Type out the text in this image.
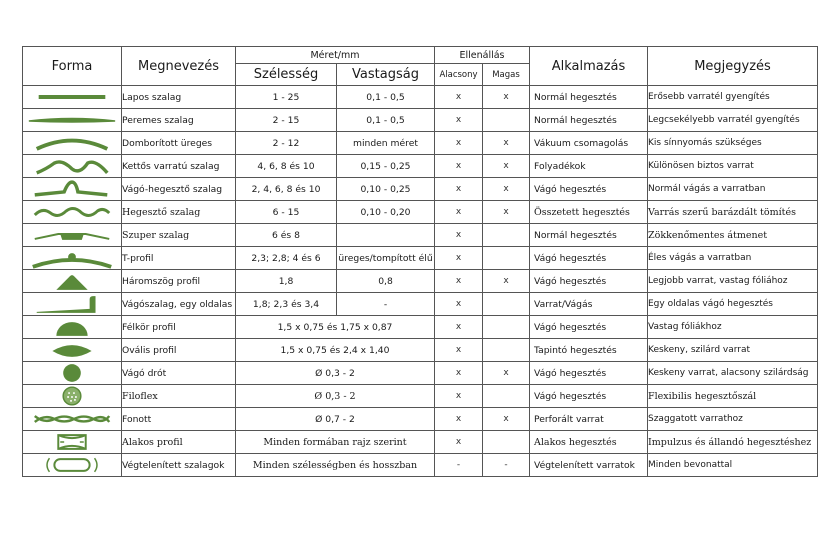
Forma	Megnevezés	Méret/mm		Ellenállás		Alkalmazás	Megjegyzés
		Szélesség	Vastagság	Alacsony	Magas		

	Lapos szalag	1 - 25	0,1 - 0,5	x	x	Normál hegesztés	Erősebb varratél gyengítés

	Peremes szalag	2 - 15	0,1 - 0,5	x		Normál hegesztés	Legcsekélyebb varratél gyengítés

	Domborított üreges	2 - 12	minden méret	x	x	Vákuum csomagolás	Kis sínnyomás szükséges

	Kettős varratú szalag	4, 6, 8 és 10	0,15 - 0,25	x	x	Folyadékok	Különösen biztos varrat

	Vágó-hegesztő szalag	2, 4, 6, 8 és 10	0,10 - 0,25	x	x	Vágó hegesztés	Normál vágás a varratban

	Hegesztő szalag	6 - 15	0,10 - 0,20	x	x	Összetett hegesztés	Varrás szerű barázdált tömítés

	Szuper szalag	6 és 8		x		Normál hegesztés	Zökkenőmentes átmenet

	T-profil	2,3; 2,8; 4 és 6	üreges/tompított élű	x		Vágó hegesztés	Éles vágás a varratban

	Háromszög profil	1,8	0,8	x	x	Vágó hegesztés	Legjobb varrat, vastag fóliához

	Vágószalag, egy oldalas	1,8; 2,3 és 3,4	-	x		Varrat/Vágás	Egy oldalas vágó hegesztés

	Félkör profil	1,5 x 0,75 és 1,75 x 0,87		x		Vágó hegesztés	Vastag fóliákhoz

	Ovális profil	1,5 x 0,75 és 2,4 x 1,40		x		Tapintó hegesztés	Keskeny, szilárd varrat

	Vágó drót	Ø 0,3 - 2		x	x	Vágó hegesztés	Keskeny varrat, alacsony szilárdság

	Filoflex	Ø 0,3 - 2		x		Vágó hegesztés	Flexibilis hegesztőszál

	Fonott	Ø 0,7 - 2		x	x	Perforált varrat	Szaggatott varrathoz

	Alakos profil	Minden formában rajz szerint		x		Alakos hegesztés	Impulzus és állandó hegesztéshez

	Végtelenített szalagok	Minden szélességben és hosszban		-	-	Végtelenített varratok	Minden bevonattal
